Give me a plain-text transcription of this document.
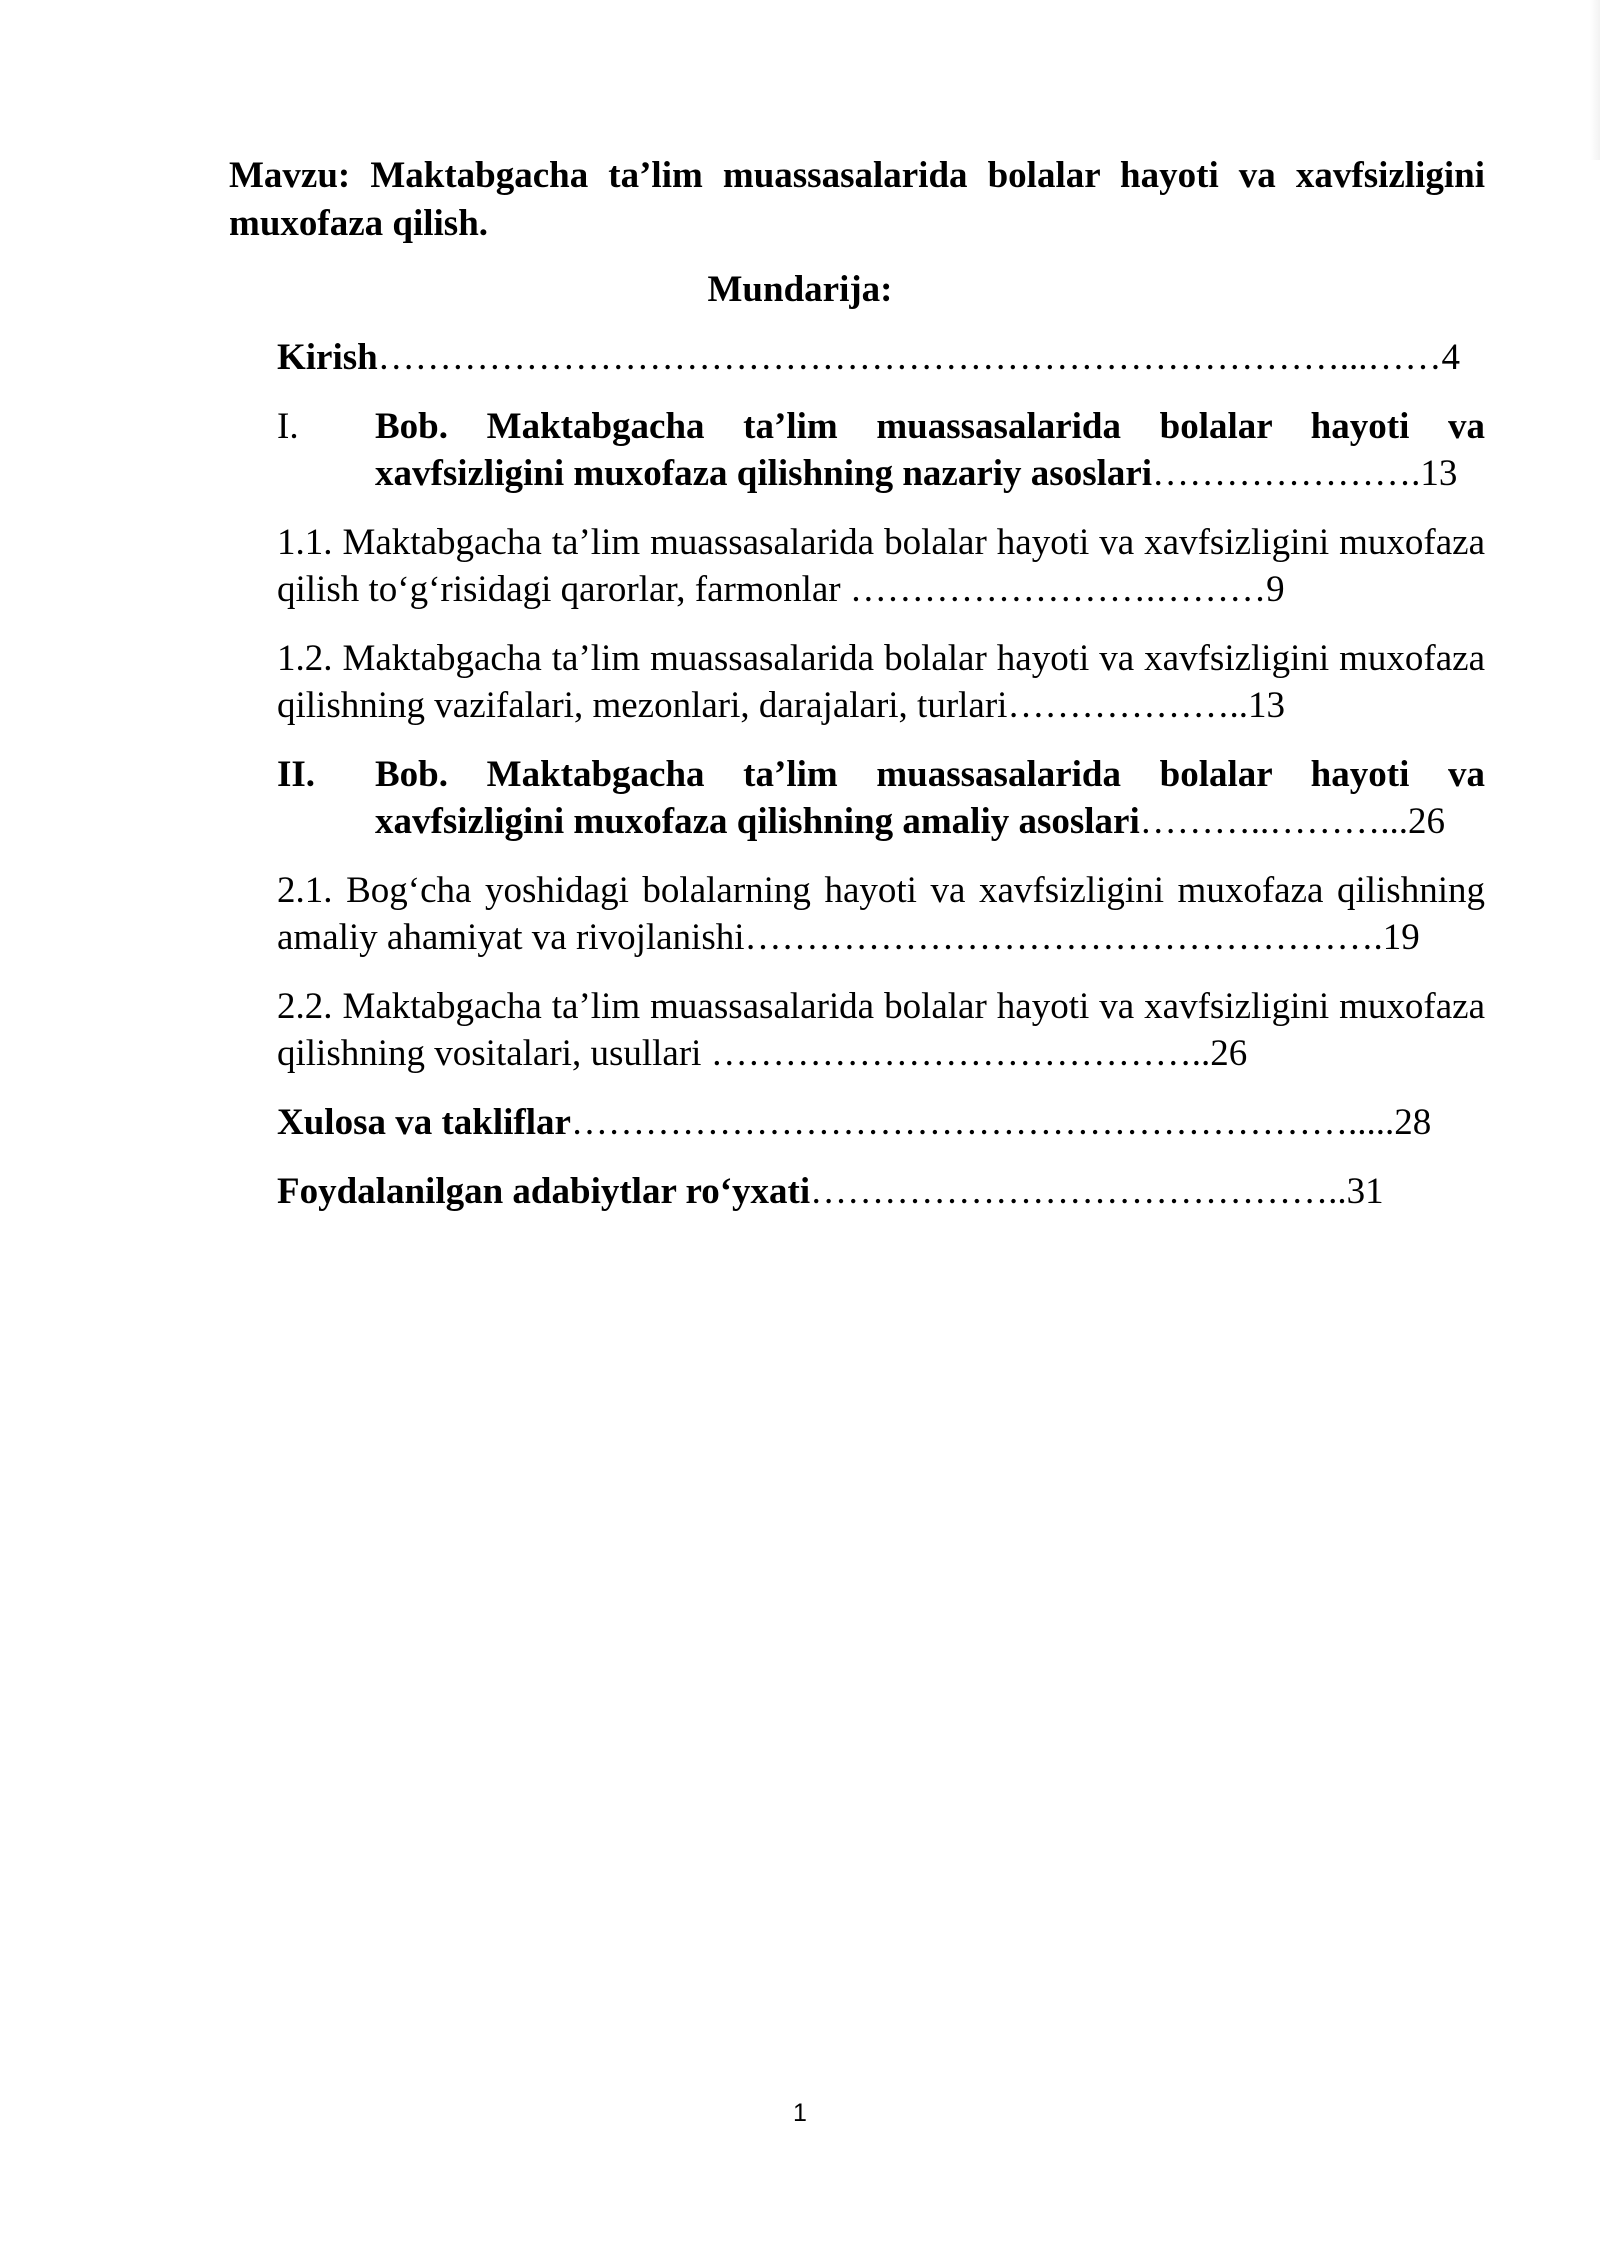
Mavzu: Maktabgacha ta’lim muassasalarida bolalar hayoti va xavfsizligini
muxofaza qilish.

Mundarija:

Kirish……………………………………………………………………...……4
I. Bob. Maktabgacha ta’lim muassasalarida bolalar hayoti va
xavfsizligini muxofaza qilishning nazariy asoslari………………….13
1.1. Maktabgacha ta’lim muassasalarida bolalar hayoti va xavfsizligini muxofaza
qilish to‘g‘risidagi qarorlar, farmonlar …………………….………9
1.2. Maktabgacha ta’lim muassasalarida bolalar hayoti va xavfsizligini muxofaza
qilishning vazifalari, mezonlari, darajalari, turlari………………..13
II. Bob. Maktabgacha ta’lim muassasalarida bolalar hayoti va
xavfsizligini muxofaza qilishning amaliy asoslari………..………...26
2.1. Bog‘cha yoshidagi bolalarning hayoti va xavfsizligini muxofaza qilishning
amaliy ahamiyat va rivojlanishi…………………………………………….19
2.2. Maktabgacha ta’lim muassasalarida bolalar hayoti va xavfsizligini muxofaza
qilishning vositalari, usullari …………………………………..26
Xulosa va takliflar……………………………………………………….....28
Foydalanilgan adabiytlar ro‘yxati……………………………………..31
1
